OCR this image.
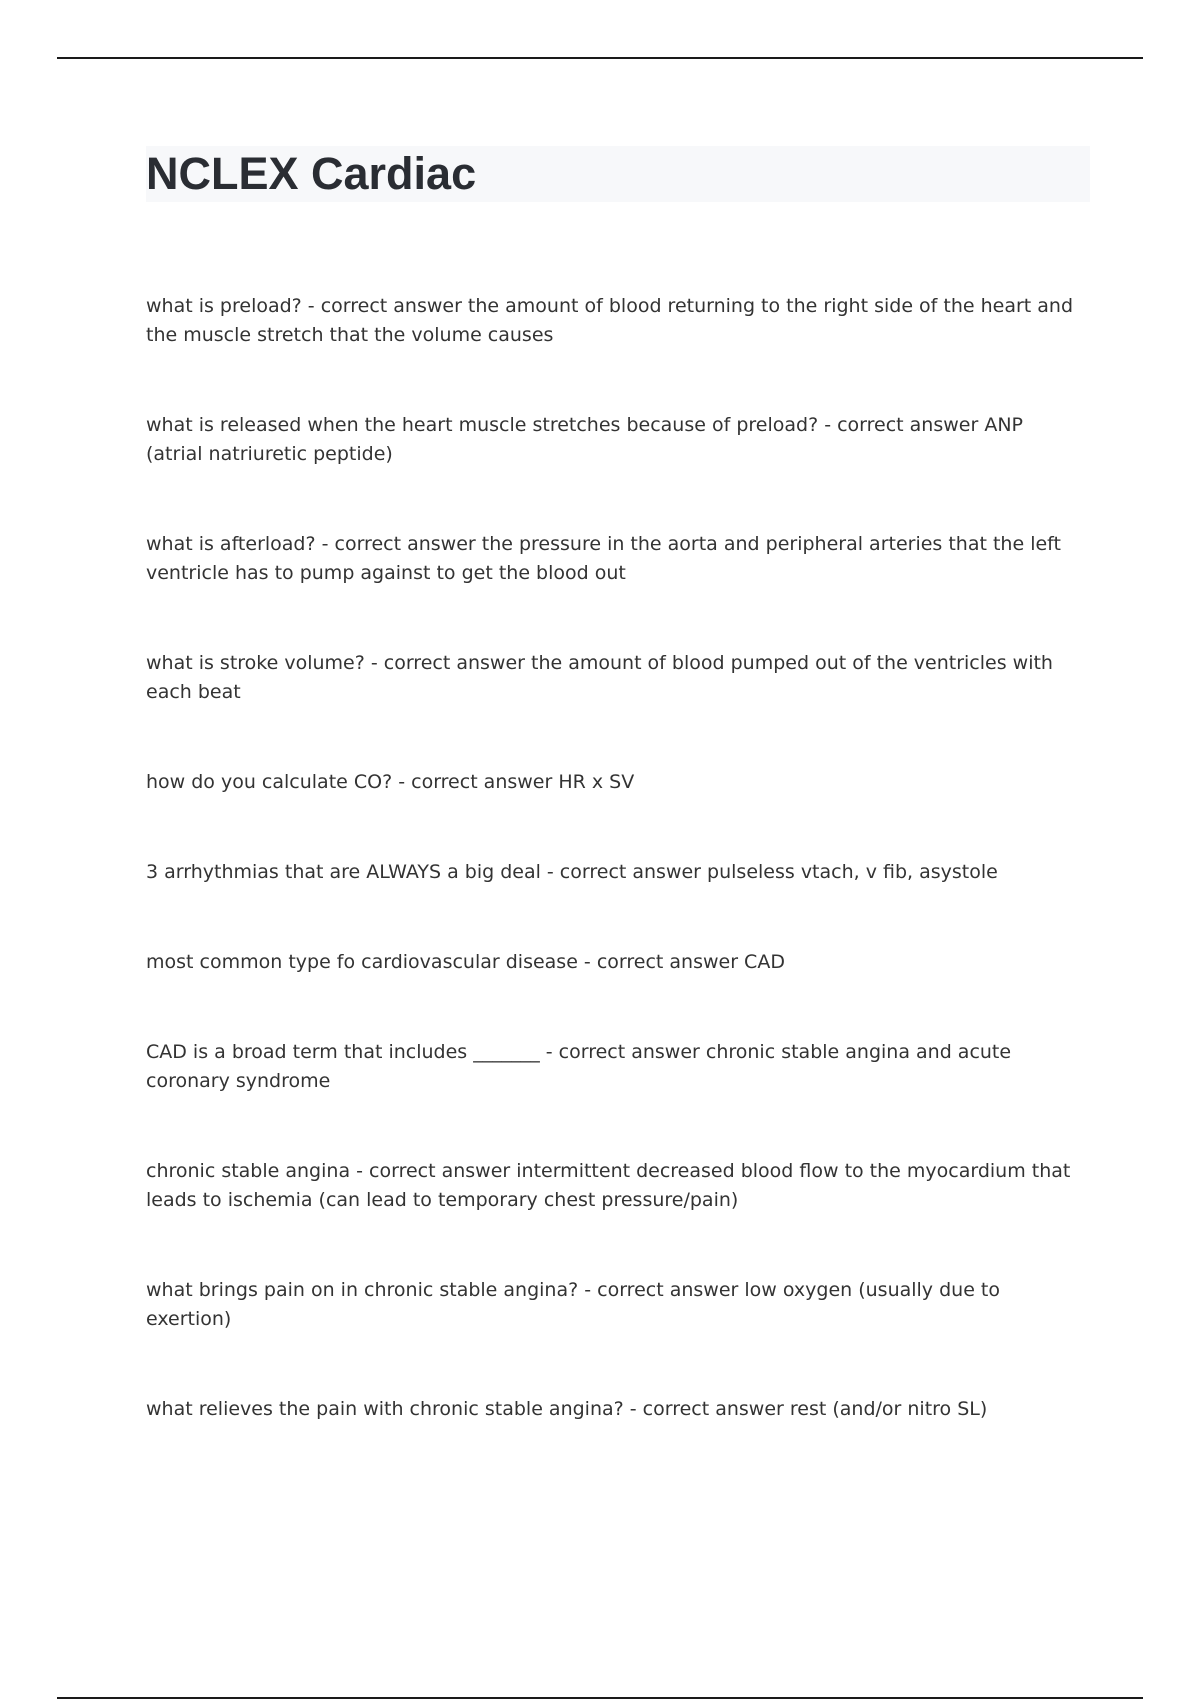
NCLEX Cardiac
what is preload? - correct answer the amount of blood returning to the right side of the heart and the muscle stretch that the volume causes
what is released when the heart muscle stretches because of preload? - correct answer ANP (atrial natriuretic peptide)
what is afterload? - correct answer the pressure in the aorta and peripheral arteries that the left ventricle has to pump against to get the blood out
what is stroke volume? - correct answer the amount of blood pumped out of the ventricles with each beat
how do you calculate CO? - correct answer HR x SV
3 arrhythmias that are ALWAYS a big deal - correct answer pulseless vtach, v fib, asystole
most common type fo cardiovascular disease - correct answer CAD
CAD is a broad term that includes _______ - correct answer chronic stable angina and acute coronary syndrome
chronic stable angina - correct answer intermittent decreased blood flow to the myocardium that leads to ischemia (can lead to temporary chest pressure/pain)
what brings pain on in chronic stable angina? - correct answer low oxygen (usually due to exertion)
what relieves the pain with chronic stable angina? - correct answer rest (and/or nitro SL)
